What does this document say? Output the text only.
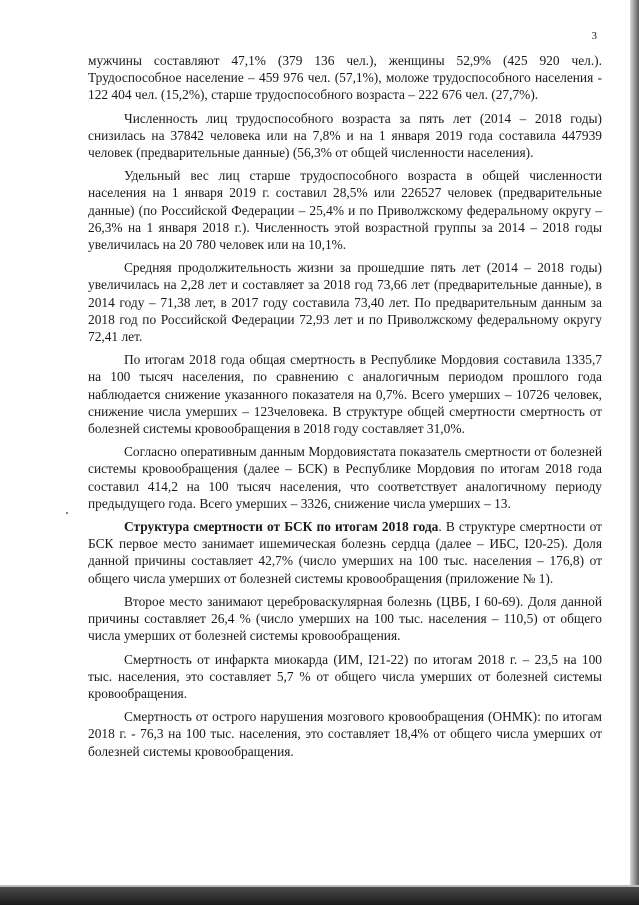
3

мужчины составляют 47,1% (379 136 чел.), женщины 52,9% (425 920 чел.). Трудоспособное население – 459 976 чел. (57,1%), моложе трудоспособного населения - 122 404 чел. (15,2%), старше трудоспособного возраста – 222 676 чел. (27,7%).

Численность лиц трудоспособного возраста за пять лет (2014 – 2018 годы) снизилась на 37842 человека или на 7,8% и на 1 января 2019 года составила 447939 человек (предварительные данные) (56,3% от общей численности населения).

Удельный вес лиц старше трудоспособного возраста в общей численности населения на 1 января 2019 г. составил 28,5% или 226527 человек (предварительные данные) (по Российской Федерации – 25,4% и по Приволжскому федеральному округу – 26,3% на 1 января 2018 г.). Численность этой возрастной группы за 2014 – 2018 годы увеличилась на 20 780 человек или на 10,1%.

Средняя продолжительность жизни за прошедшие пять лет (2014 – 2018 годы) увеличилась на 2,28 лет и составляет за 2018 год 73,66 лет (предварительные данные), в 2014 году – 71,38 лет, в 2017 году составила 73,40 лет. По предварительным данным за 2018 год по Российской Федерации 72,93 лет и по Приволжскому федеральному округу 72,41 лет.

По итогам 2018 года общая смертность в Республике Мордовия составила 1335,7 на 100 тысяч населения, по сравнению с аналогичным периодом прошлого года наблюдается снижение указанного показателя на 0,7%. Всего умерших – 10726 человек, снижение числа умерших – 123человека. В структуре общей смертности смертность от болезней системы кровообращения в 2018 году составляет 31,0%.

Согласно оперативным данным Мордовиястата показатель смертности от болезней системы кровообращения (далее – БСК) в Республике Мордовия по итогам 2018 года составил 414,2 на 100 тысяч населения, что соответствует аналогичному периоду предыдущего года. Всего умерших – 3326, снижение числа умерших – 13.

Структура смертности от БСК по итогам 2018 года. В структуре смертности от БСК первое место занимает ишемическая болезнь сердца (далее – ИБС, I20-25). Доля данной причины составляет 42,7% (число умерших на 100 тыс. населения – 176,8) от общего числа умерших от болезней системы кровообращения (приложение № 1).

Второе место занимают цереброваскулярная болезнь (ЦВБ, I 60-69). Доля данной причины составляет 26,4 % (число умерших на 100 тыс. населения – 110,5) от общего числа умерших от болезней системы кровообращения.

Смертность от инфаркта миокарда (ИМ, I21-22) по итогам 2018 г. – 23,5 на 100 тыс. населения, это составляет 5,7 % от общего числа умерших от болезней системы кровообращения.

Смертность от острого нарушения мозгового кровообращения (ОНМК): по итогам 2018 г. - 76,3 на 100 тыс. населения, это составляет 18,4% от общего числа умерших от болезней системы кровообращения.
